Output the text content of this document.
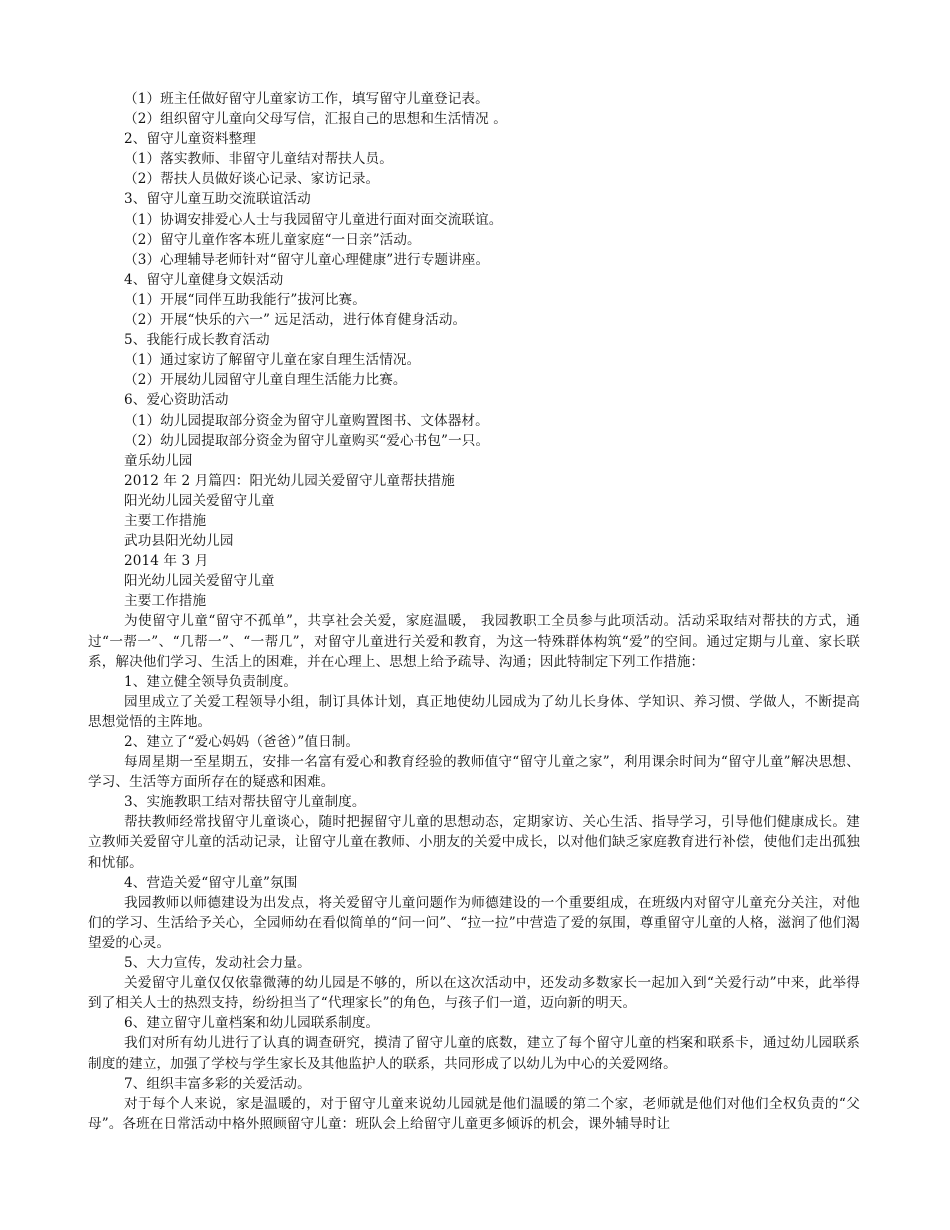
（1）班主任做好留守儿童家访工作，填写留守儿童登记表。

（2）组织留守儿童向父母写信，汇报自己的思想和生活情况 。

2、留守儿童资料整理

（1）落实教师、非留守儿童结对帮扶人员。

（2）帮扶人员做好谈心记录、家访记录。

3、留守儿童互助交流联谊活动

（1）协调安排爱心人士与我园留守儿童进行面对面交流联谊。

（2）留守儿童作客本班儿童家庭“一日亲”活动。

（3）心理辅导老师针对“留守儿童心理健康”进行专题讲座。

4、留守儿童健身文娱活动

（1）开展“同伴互助我能行”拔河比赛。

（2）开展“快乐的六一” 远足活动，进行体育健身活动。

5、我能行成长教育活动

（1）通过家访了解留守儿童在家自理生活情况。

（2）开展幼儿园留守儿童自理生活能力比赛。

6、爱心资助活动

（1）幼儿园提取部分资金为留守儿童购置图书、文体器材。

（2）幼儿园提取部分资金为留守儿童购买“爱心书包”一只。

童乐幼儿园

2012 年 2 月篇四：阳光幼儿园关爱留守儿童帮扶措施

阳光幼儿园关爱留守儿童

主要工作措施

武功县阳光幼儿园

2014 年 3 月

阳光幼儿园关爱留守儿童

主要工作措施

为使留守儿童“留守不孤单”，共享社会关爱，家庭温暖， 我园教职工全员参与此项活动。活动采取结对帮扶的方式，通过“一帮一”、“几帮一”、“一帮几”，对留守儿童进行关爱和教育，为这一特殊群体构筑“爱”的空间。通过定期与儿童、家长联系，解决他们学习、生活上的困难，并在心理上、思想上给予疏导、沟通；因此特制定下列工作措施：

1、建立健全领导负责制度。

园里成立了关爱工程领导小组，制订具体计划，真正地使幼儿园成为了幼儿长身体、学知识、养习惯、学做人，不断提高思想觉悟的主阵地。

2、建立了“爱心妈妈（爸爸）”值日制。

每周星期一至星期五，安排一名富有爱心和教育经验的教师值守“留守儿童之家”，利用课余时间为“留守儿童”解决思想、学习、生活等方面所存在的疑惑和困难。

3、实施教职工结对帮扶留守儿童制度。

帮扶教师经常找留守儿童谈心，随时把握留守儿童的思想动态，定期家访、关心生活、指导学习，引导他们健康成长。建立教师关爱留守儿童的活动记录，让留守儿童在教师、小朋友的关爱中成长，以对他们缺乏家庭教育进行补偿，使他们走出孤独和忧郁。

4、营造关爱“留守儿童”氛围

我园教师以师德建设为出发点，将关爱留守儿童问题作为师德建设的一个重要组成，在班级内对留守儿童充分关注，对他们的学习、生活给予关心，全园师幼在看似简单的“问一问”、“拉一拉”中营造了爱的氛围，尊重留守儿童的人格，滋润了他们渴望爱的心灵。

5、大力宣传，发动社会力量。

关爱留守儿童仅仅依靠微薄的幼儿园是不够的，所以在这次活动中，还发动多数家长一起加入到“关爱行动”中来，此举得到了相关人士的热烈支持，纷纷担当了“代理家长”的角色，与孩子们一道，迈向新的明天。

6、建立留守儿童档案和幼儿园联系制度。

我们对所有幼儿进行了认真的调查研究，摸清了留守儿童的底数，建立了每个留守儿童的档案和联系卡，通过幼儿园联系制度的建立，加强了学校与学生家长及其他监护人的联系，共同形成了以幼儿为中心的关爱网络。

7、组织丰富多彩的关爱活动。

对于每个人来说，家是温暖的，对于留守儿童来说幼儿园就是他们温暖的第二个家，老师就是他们对他们全权负责的“父母”。各班在日常活动中格外照顾留守儿童：班队会上给留守儿童更多倾诉的机会，课外辅导时让
